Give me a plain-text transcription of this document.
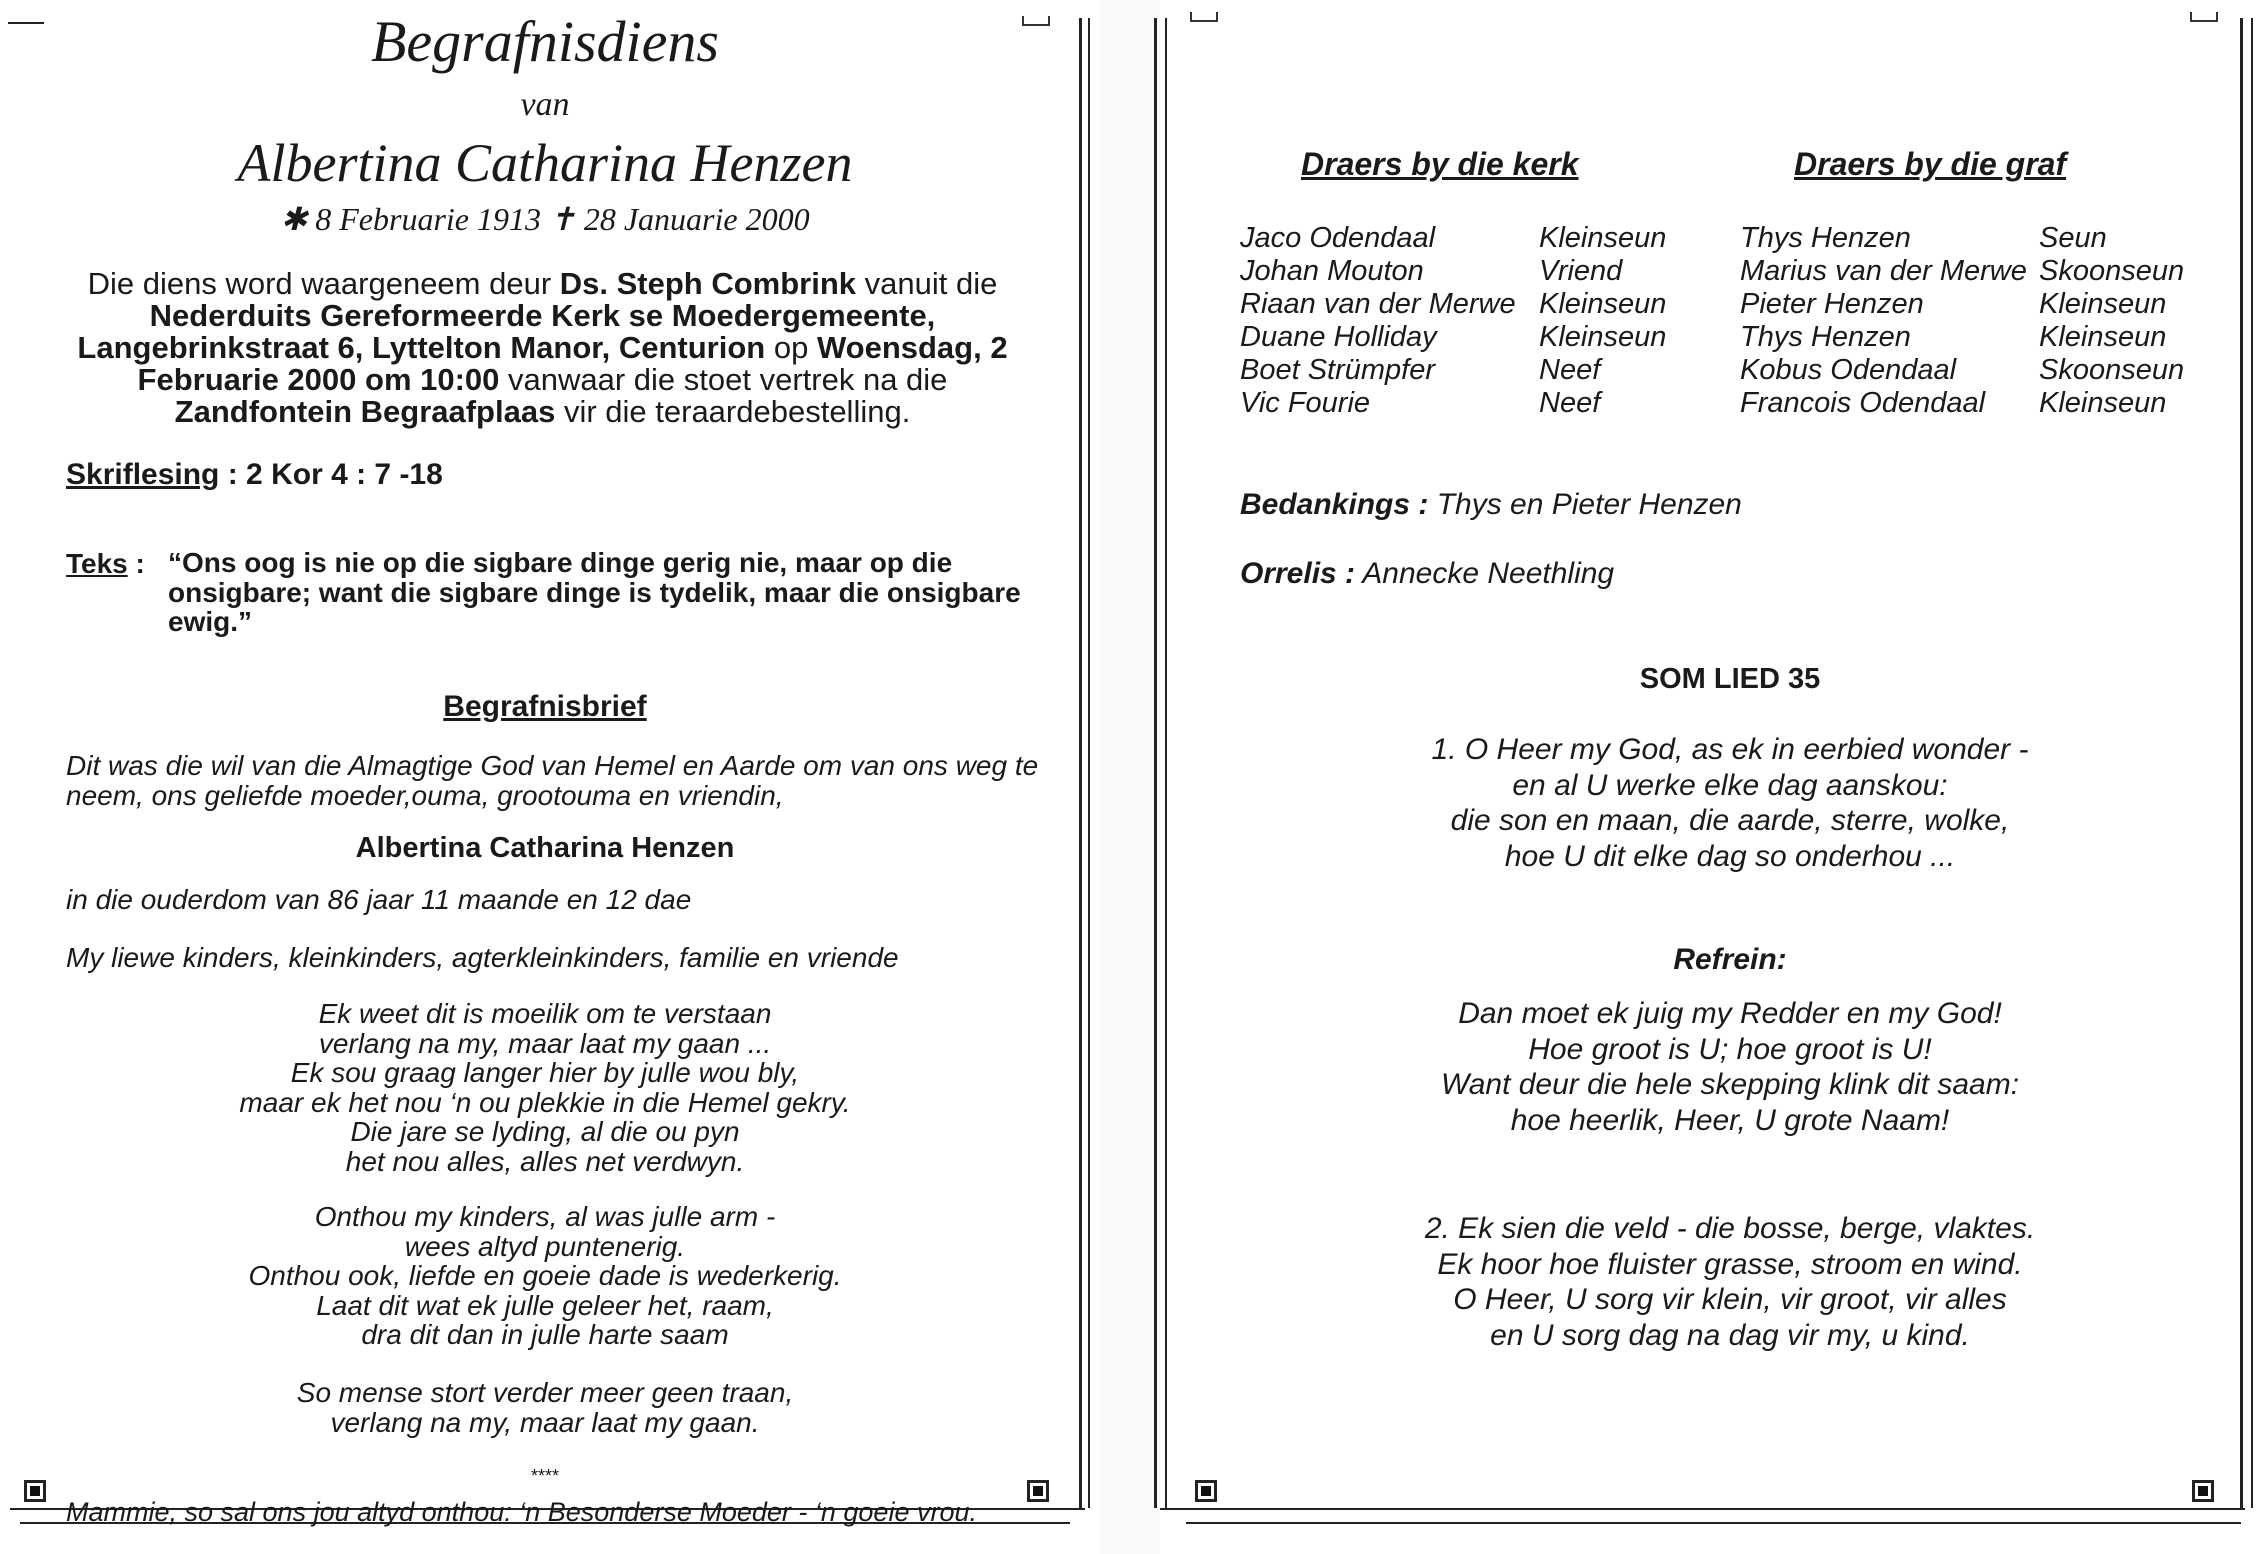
Begrafnisdiens
van
Albertina Catharina Henzen
✱ 8 Februarie 1913 ✝ 28 Januarie 2000
Die diens word waargeneem deur Ds. Steph Combrink vanuit die Nederduits Gereformeerde Kerk se Moedergemeente, Langebrinkstraat 6, Lyttelton Manor, Centurion op Woensdag, 2 Februarie 2000 om 10:00 vanwaar die stoet vertrek na die Zandfontein Begraafplaas vir die teraardebestelling.
Skriflesing : 2 Kor 4 : 7 -18
Teks : “Ons oog is nie op die sigbare dinge gerig nie, maar op die onsigbare; want die sigbare dinge is tydelik, maar die onsigbare ewig.”
Begrafnisbrief
Dit was die wil van die Almagtige God van Hemel en Aarde om van ons weg te neem, ons geliefde moeder,ouma, grootouma en vriendin,
Albertina Catharina Henzen
in die ouderdom van 86 jaar 11 maande en 12 dae
My liewe kinders, kleinkinders, agterkleinkinders, familie en vriende
Ek weet dit is moeilik om te verstaan
verlang na my, maar laat my gaan ...
Ek sou graag langer hier by julle wou bly,
maar ek het nou ‘n ou plekkie in die Hemel gekry.
Die jare se lyding, al die ou pyn
het nou alles, alles net verdwyn.
Onthou my kinders, al was julle arm -
wees altyd puntenerig.
Onthou ook, liefde en goeie dade is wederkerig.
Laat dit wat ek julle geleer het, raam,
dra dit dan in julle harte saam
So mense stort verder meer geen traan,
verlang na my, maar laat my gaan.
****
Mammie, so sal ons jou altyd onthou: ‘n Besonderse Moeder - ‘n goeie vrou.
Draers by die kerk	Draers by die graf
Jaco Odendaal	Kleinseun
Johan Mouton	Vriend
Riaan van der Merwe	Kleinseun
Duane Holliday	Kleinseun
Boet Strümpfer	Neef
Vic Fourie	Neef
Thys Henzen	Seun
Marius van der Merwe	Skoonseun
Pieter Henzen	Kleinseun
Thys Henzen	Kleinseun
Kobus Odendaal	Skoonseun
Francois Odendaal	Kleinseun
Bedankings : Thys en Pieter Henzen
Orrelis : Annecke Neethling
SOM LIED 35
1. O Heer my God, as ek in eerbied wonder -
en al U werke elke dag aanskou:
die son en maan, die aarde, sterre, wolke,
hoe U dit elke dag so onderhou ...
Refrein:
Dan moet ek juig my Redder en my God!
Hoe groot is U; hoe groot is U!
Want deur die hele skepping klink dit saam:
hoe heerlik, Heer, U grote Naam!
2. Ek sien die veld - die bosse, berge, vlaktes.
Ek hoor hoe fluister grasse, stroom en wind.
O Heer, U sorg vir klein, vir groot, vir alles
en U sorg dag na dag vir my, u kind.
